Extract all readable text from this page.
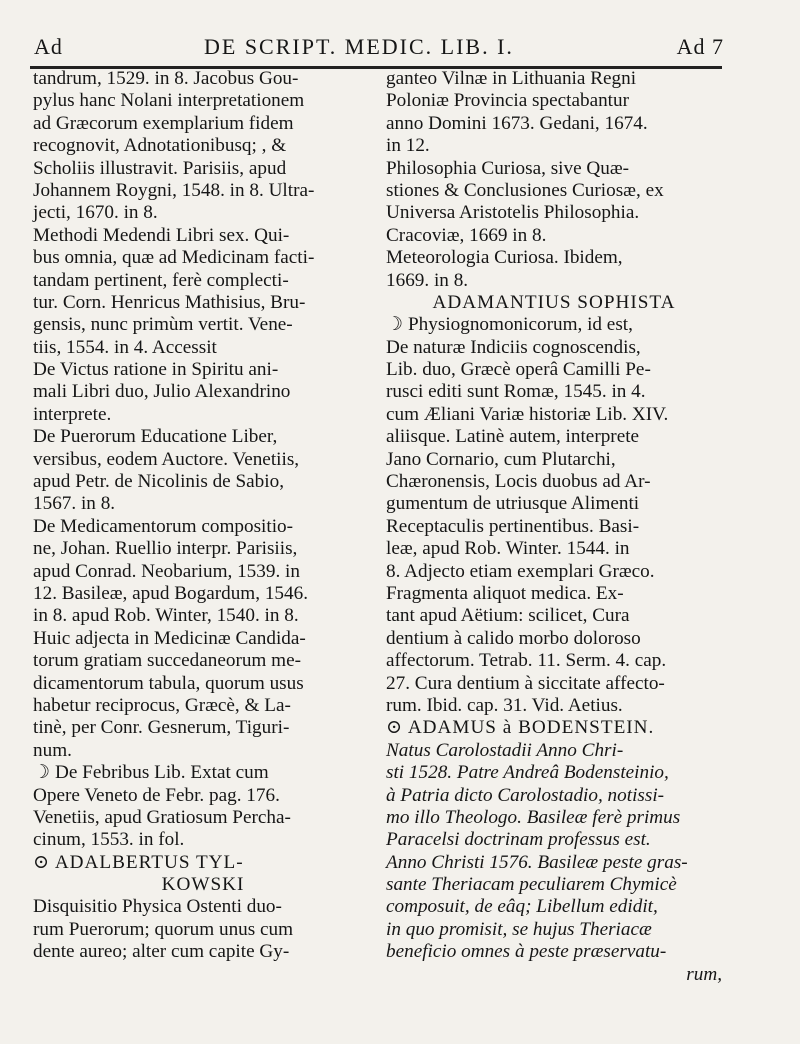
Ad	DE SCRIPT. MEDIC. LIB. I.	Ad 7
tandrum, 1529. in 8. Jacobus Gou-
pylus hanc Nolani interpretationem
ad Græcorum exemplarium fidem
recognovit, Adnotationibusq; , &
Scholiis illustravit. Parisiis, apud
Johannem Roygni, 1548. in 8. Ultra-
jecti, 1670. in 8.
Methodi Medendi Libri sex. Qui-
bus omnia, quæ ad Medicinam facti-
tandam pertinent, ferè complecti-
tur. Corn. Henricus Mathisius, Bru-
gensis, nunc primùm vertit. Vene-
tiis, 1554. in 4. Accessit
De Victus ratione in Spiritu ani-
mali Libri duo, Julio Alexandrino
interprete.
De Puerorum Educatione Liber,
versibus, eodem Auctore. Venetiis,
apud Petr. de Nicolinis de Sabio,
1567. in 8.
De Medicamentorum compositio-
ne, Johan. Ruellio interpr. Parisiis,
apud Conrad. Neobarium, 1539. in
12. Basileæ, apud Bogardum, 1546.
in 8. apud Rob. Winter, 1540. in 8.
Huic adjecta in Medicinæ Candida-
torum gratiam succedaneorum me-
dicamentorum tabula, quorum usus
habetur reciprocus, Græcè, & La-
tinè, per Conr. Gesnerum, Tiguri-
num.
☽ De Febribus Lib. Extat cum
Opere Veneto de Febr. pag. 176.
Venetiis, apud Gratiosum Percha-
cinum, 1553. in fol.
⊙ ADALBERTUS TYL-
KOWSKI
Disquisitio Physica Ostenti duo-
rum Puerorum; quorum unus cum
dente aureo; alter cum capite Gy-
ganteo Vilnæ in Lithuania Regni
Poloniæ Provincia spectabantur
anno Domini 1673. Gedani, 1674.
in 12.
Philosophia Curiosa, sive Quæ-
stiones & Conclusiones Curiosæ, ex
Universa Aristotelis Philosophia.
Cracoviæ, 1669 in 8.
Meteorologia Curiosa. Ibidem,
1669. in 8.
ADAMANTIUS SOPHISTA
☽ Physiognomonicorum, id est,
De naturæ Indiciis cognoscendis,
Lib. duo, Græcè operâ Camilli Pe-
rusci editi sunt Romæ, 1545. in 4.
cum Æliani Variæ historiæ Lib. XIV.
aliisque. Latinè autem, interprete
Jano Cornario, cum Plutarchi,
Chæronensis, Locis duobus ad Ar-
gumentum de utriusque Alimenti
Receptaculis pertinentibus. Basi-
leæ, apud Rob. Winter. 1544. in
8. Adjecto etiam exemplari Græco.
Fragmenta aliquot medica. Ex-
tant apud Aëtium: scilicet, Cura
dentium à calido morbo doloroso
affectorum. Tetrab. 11. Serm. 4. cap.
27. Cura dentium à siccitate affecto-
rum. Ibid. cap. 31. Vid. Aetius.
⊙ ADAMUS à BODENSTEIN.
Natus Carolostadii Anno Chri-
sti 1528. Patre Andreâ Bodensteinio,
à Patria dicto Carolostadio, notissi-
mo illo Theologo. Basileæ ferè primus
Paracelsi doctrinam professus est.
Anno Christi 1576. Basileæ peste gras-
sante Theriacam peculiarem Chymicè
composuit, de eâq; Libellum edidit,
in quo promisit, se hujus Theriacæ
beneficio omnes à peste præservatu-
rum,
